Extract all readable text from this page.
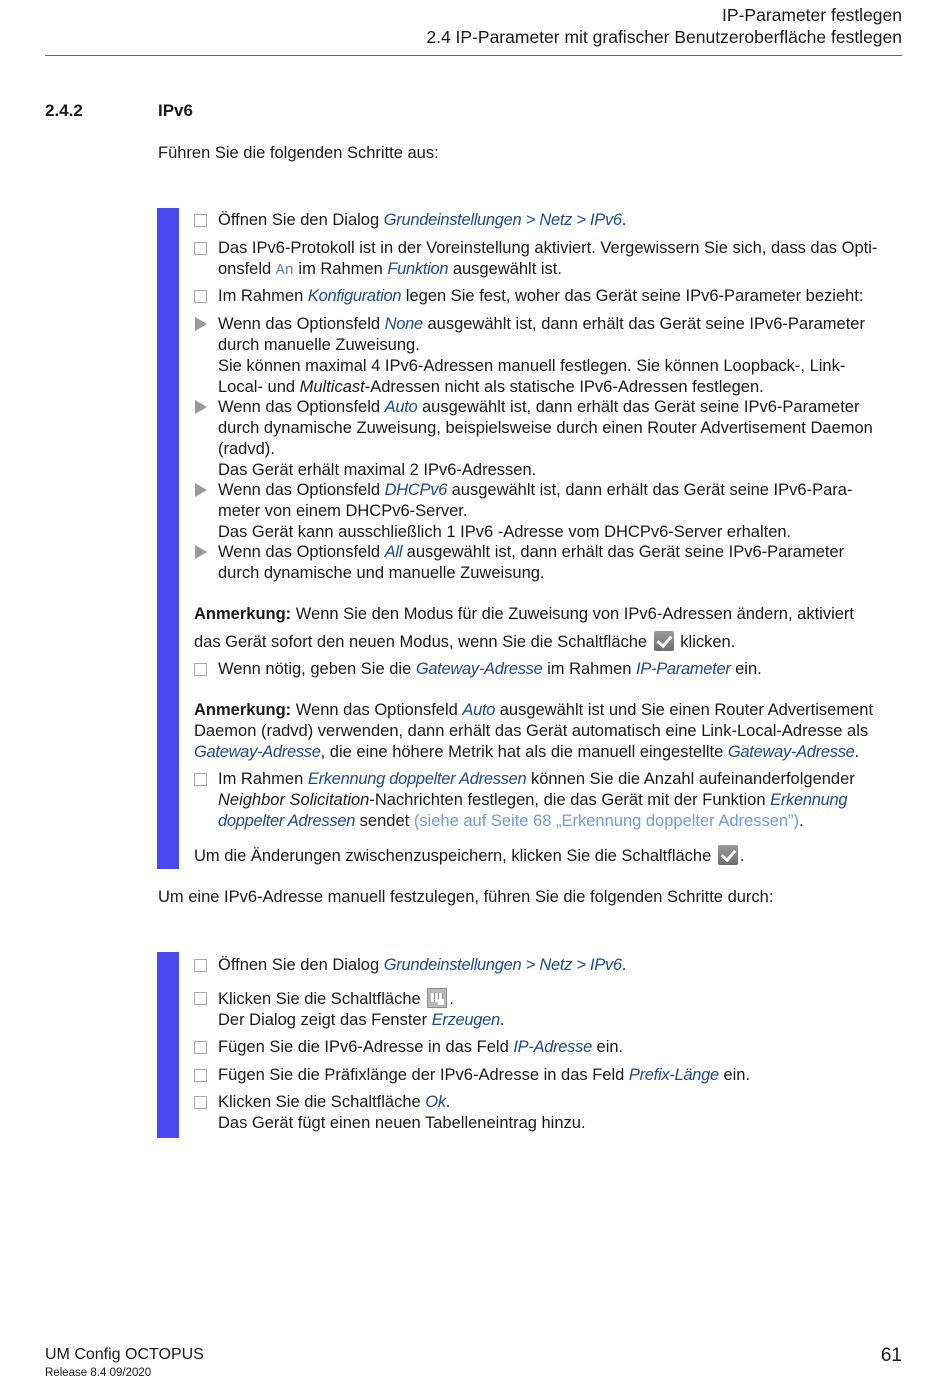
IP-Parameter festlegen
2.4 IP-Parameter mit grafischer Benutzeroberfläche festlegen
2.4.2	IPv6
Führen Sie die folgenden Schritte aus:
Öffnen Sie den Dialog Grundeinstellungen > Netz > IPv6.
Das IPv6-Protokoll ist in der Voreinstellung aktiviert. Vergewissern Sie sich, dass das Opti-
onsfeld An im Rahmen Funktion ausgewählt ist.
Im Rahmen Konfiguration legen Sie fest, woher das Gerät seine IPv6-Parameter bezieht:
Wenn das Optionsfeld None ausgewählt ist, dann erhält das Gerät seine IPv6-Parameter
durch manuelle Zuweisung.
Sie können maximal 4 IPv6-Adressen manuell festlegen. Sie können Loopback-, Link-
Local- und Multicast-Adressen nicht als statische IPv6-Adressen festlegen.
Wenn das Optionsfeld Auto ausgewählt ist, dann erhält das Gerät seine IPv6-Parameter
durch dynamische Zuweisung, beispielsweise durch einen Router Advertisement Daemon
(radvd).
Das Gerät erhält maximal 2 IPv6-Adressen.
Wenn das Optionsfeld DHCPv6 ausgewählt ist, dann erhält das Gerät seine IPv6-Para-
meter von einem DHCPv6-Server.
Das Gerät kann ausschließlich 1 IPv6 -Adresse vom DHCPv6-Server erhalten.
Wenn das Optionsfeld All ausgewählt ist, dann erhält das Gerät seine IPv6-Parameter
durch dynamische und manuelle Zuweisung.
Anmerkung: Wenn Sie den Modus für die Zuweisung von IPv6-Adressen ändern, aktiviert
das Gerät sofort den neuen Modus, wenn Sie die Schaltfläche  klicken.
Wenn nötig, geben Sie die Gateway-Adresse im Rahmen IP-Parameter ein.
Anmerkung: Wenn das Optionsfeld Auto ausgewählt ist und Sie einen Router Advertisement
Daemon (radvd) verwenden, dann erhält das Gerät automatisch eine Link-Local-Adresse als
Gateway-Adresse, die eine höhere Metrik hat als die manuell eingestellte Gateway-Adresse.
Im Rahmen Erkennung doppelter Adressen können Sie die Anzahl aufeinanderfolgender
Neighbor Solicitation-Nachrichten festlegen, die das Gerät mit der Funktion Erkennung
doppelter Adressen sendet (siehe auf Seite 68 „Erkennung doppelter Adressen”).
Um die Änderungen zwischenzuspeichern, klicken Sie die Schaltfläche .
Um eine IPv6-Adresse manuell festzulegen, führen Sie die folgenden Schritte durch:
Öffnen Sie den Dialog Grundeinstellungen > Netz > IPv6.
Klicken Sie die Schaltfläche .
Der Dialog zeigt das Fenster Erzeugen.
Fügen Sie die IPv6-Adresse in das Feld IP-Adresse ein.
Fügen Sie die Präfixlänge der IPv6-Adresse in das Feld Prefix-Länge ein.
Klicken Sie die Schaltfläche Ok.
Das Gerät fügt einen neuen Tabelleneintrag hinzu.
UM Config OCTOPUS
Release 8.4 09/2020
61
